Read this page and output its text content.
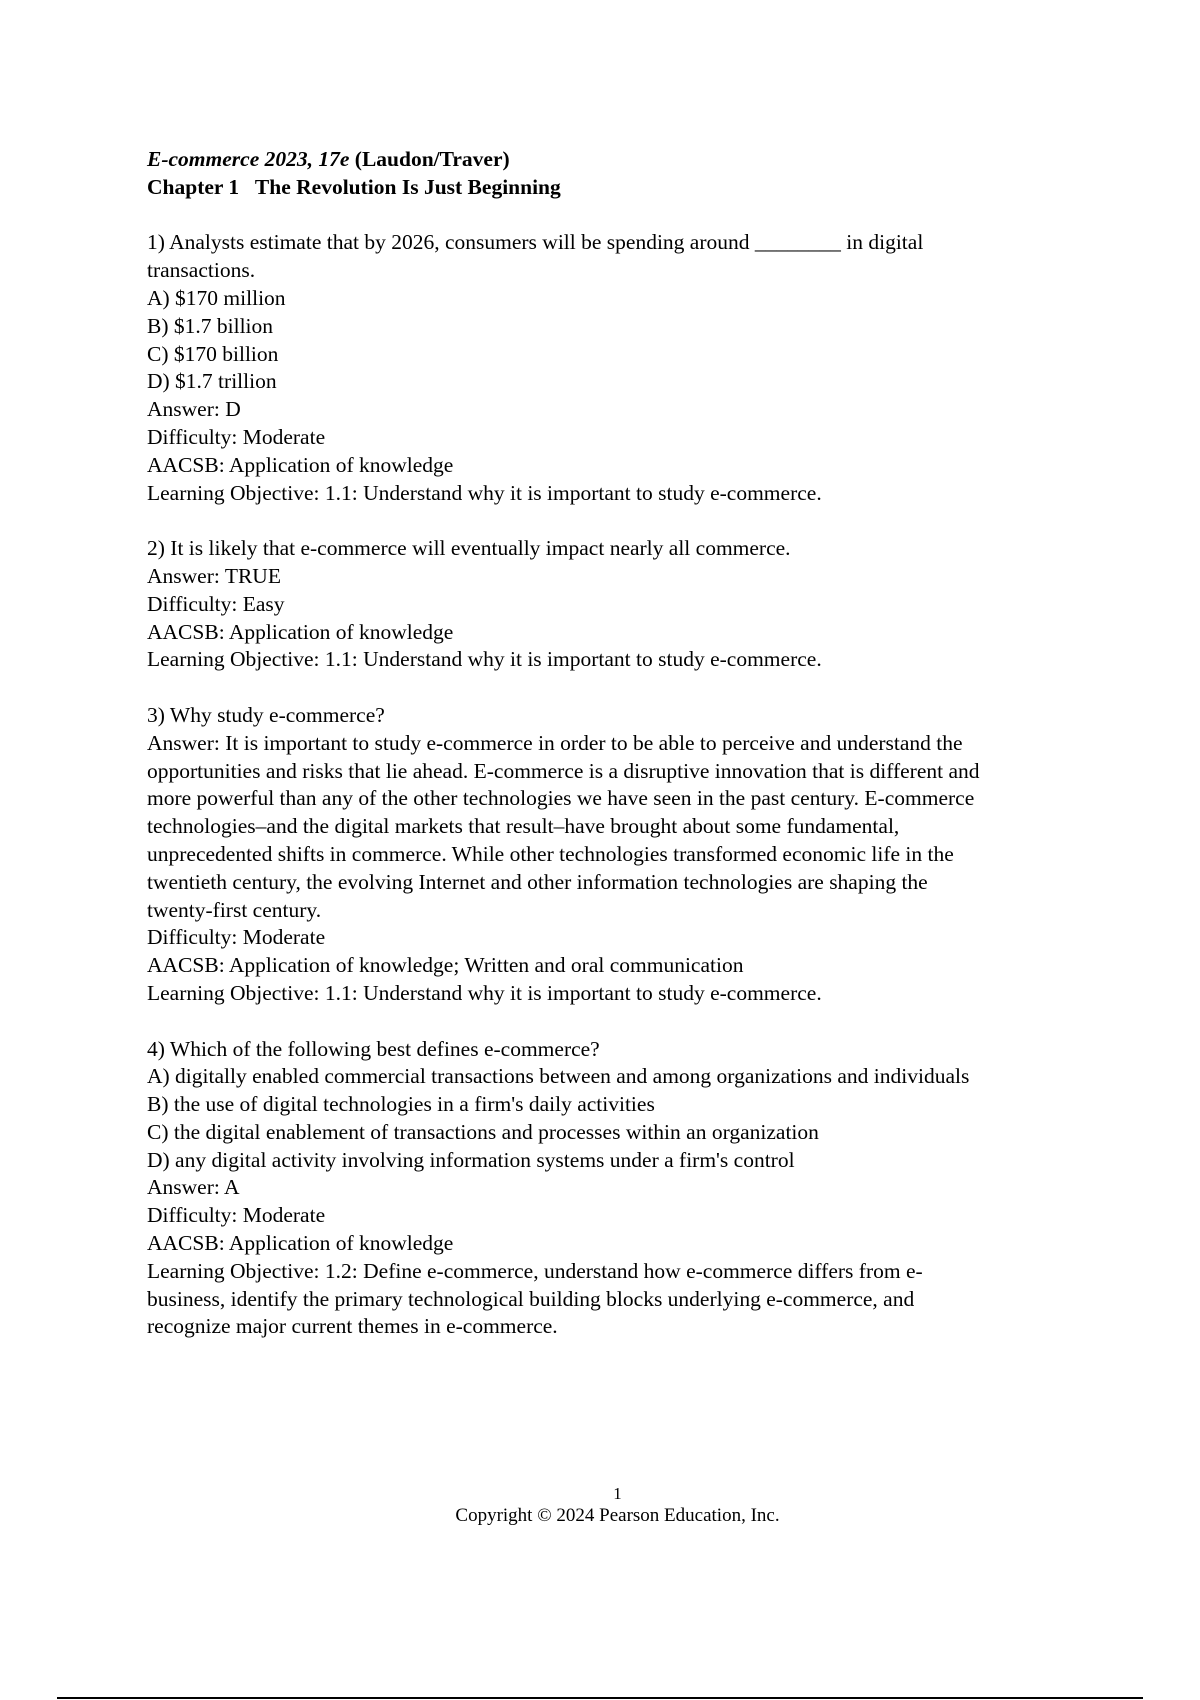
E-commerce 2023, 17e (Laudon/Traver)
Chapter 1   The Revolution Is Just Beginning
1) Analysts estimate that by 2026, consumers will be spending around ________ in digital
transactions.
A) $170 million
B) $1.7 billion
C) $170 billion
D) $1.7 trillion
Answer: D
Difficulty: Moderate
AACSB: Application of knowledge
Learning Objective: 1.1: Understand why it is important to study e-commerce.
2) It is likely that e-commerce will eventually impact nearly all commerce.
Answer: TRUE
Difficulty: Easy
AACSB: Application of knowledge
Learning Objective: 1.1: Understand why it is important to study e-commerce.
3) Why study e-commerce?
Answer: It is important to study e-commerce in order to be able to perceive and understand the
opportunities and risks that lie ahead. E-commerce is a disruptive innovation that is different and
more powerful than any of the other technologies we have seen in the past century. E-commerce
technologies–and the digital markets that result–have brought about some fundamental,
unprecedented shifts in commerce. While other technologies transformed economic life in the
twentieth century, the evolving Internet and other information technologies are shaping the
twenty-first century.
Difficulty: Moderate
AACSB: Application of knowledge; Written and oral communication
Learning Objective: 1.1: Understand why it is important to study e-commerce.
4) Which of the following best defines e-commerce?
A) digitally enabled commercial transactions between and among organizations and individuals
B) the use of digital technologies in a firm's daily activities
C) the digital enablement of transactions and processes within an organization
D) any digital activity involving information systems under a firm's control
Answer: A
Difficulty: Moderate
AACSB: Application of knowledge
Learning Objective: 1.2: Define e-commerce, understand how e-commerce differs from e-
business, identify the primary technological building blocks underlying e-commerce, and
recognize major current themes in e-commerce.
1
Copyright © 2024 Pearson Education, Inc.
